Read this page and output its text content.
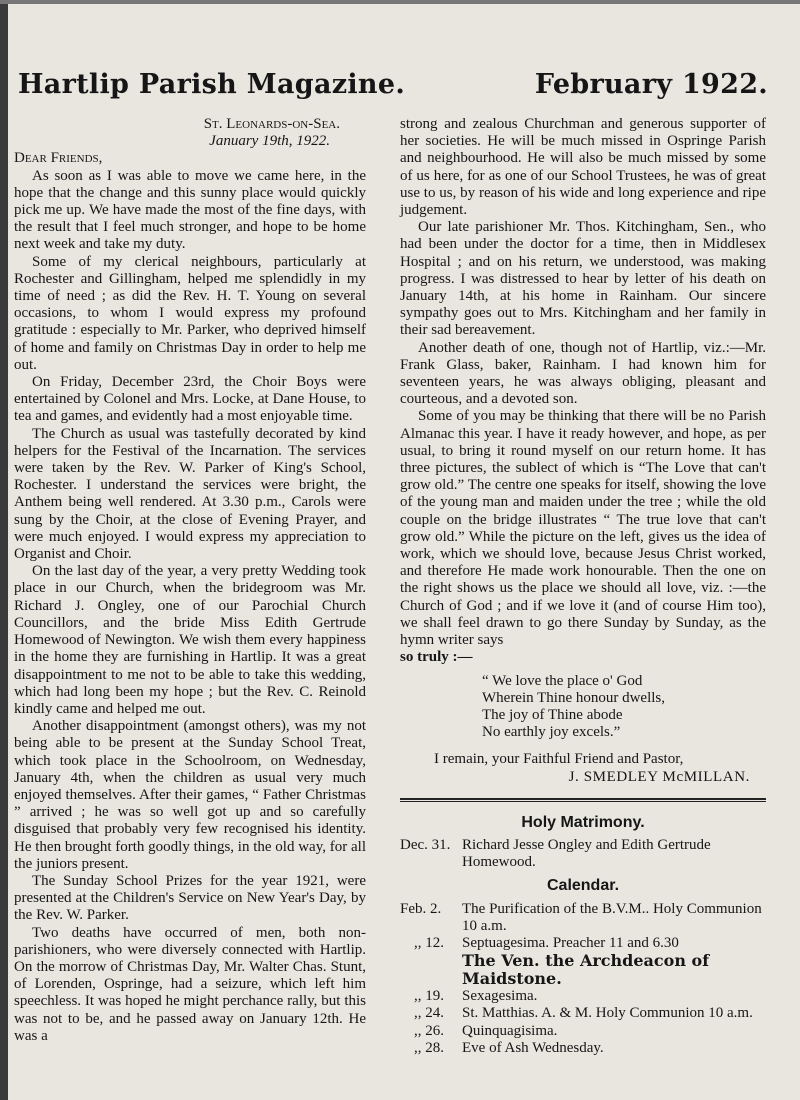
Hartlip Parish Magazine.	February 1922.
St. Leonards-on-Sea.
January 19th, 1922.

Dear Friends,

As soon as I was able to move we came here, in the hope that the change and this sunny place would quickly pick me up. We have made the most of the fine days, with the result that I feel much stronger, and hope to be home next week and take my duty.

Some of my clerical neighbours, particularly at Rochester and Gillingham, helped me splendidly in my time of need ; as did the Rev. H. T. Young on several occasions, to whom I would express my profound gratitude : especially to Mr. Parker, who deprived himself of home and family on Christmas Day in order to help me out.

On Friday, December 23rd, the Choir Boys were entertained by Colonel and Mrs. Locke, at Dane House, to tea and games, and evidently had a most enjoyable time.

The Church as usual was tastefully decorated by kind helpers for the Festival of the Incarnation. The services were taken by the Rev. W. Parker of King's School, Rochester. I understand the services were bright, the Anthem being well rendered. At 3.30 p.m., Carols were sung by the Choir, at the close of Evening Prayer, and were much enjoyed. I would express my appreciation to Organist and Choir.

On the last day of the year, a very pretty Wedding took place in our Church, when the bridegroom was Mr. Richard J. Ongley, one of our Parochial Church Councillors, and the bride Miss Edith Gertrude Homewood of Newington. We wish them every happiness in the home they are furnishing in Hartlip. It was a great disappointment to me not to be able to take this wedding, which had long been my hope ; but the Rev. C. Reinold kindly came and helped me out.

Another disappointment (amongst others), was my not being able to be present at the Sunday School Treat, which took place in the Schoolroom, on Wednesday, January 4th, when the children as usual very much enjoyed themselves. After their games, “ Father Christmas ” arrived ; he was so well got up and so carefully disguised that probably very few recognised his identity. He then brought forth goodly things, in the old way, for all the juniors present.

The Sunday School Prizes for the year 1921, were presented at the Children's Service on New Year's Day, by the Rev. W. Parker.

Two deaths have occurred of men, both non-parishioners, who were diversely connected with Hartlip. On the morrow of Christmas Day, Mr. Walter Chas. Stunt, of Lorenden, Ospringe, had a seizure, which left him speechless. It was hoped he might perchance rally, but this was not to be, and he passed away on January 12th. He was a

strong and zealous Churchman and generous supporter of her societies. He will be much missed in Ospringe Parish and neighbourhood. He will also be much missed by some of us here, for as one of our School Trustees, he was of great use to us, by reason of his wide and long experience and ripe judgement.

Our late parishioner Mr. Thos. Kitchingham, Sen., who had been under the doctor for a time, then in Middlesex Hospital ; and on his return, we understood, was making progress. I was distressed to hear by letter of his death on January 14th, at his home in Rainham. Our sincere sympathy goes out to Mrs. Kitchingham and her family in their sad bereavement.

Another death of one, though not of Hartlip, viz.:—Mr. Frank Glass, baker, Rainham. I had known him for seventeen years, he was always obliging, pleasant and courteous, and a devoted son.

Some of you may be thinking that there will be no Parish Almanac this year. I have it ready however, and hope, as per usual, to bring it round myself on our return home. It has three pictures, the sublect of which is “The Love that can't grow old.” The centre one speaks for itself, showing the love of the young man and maiden under the tree ; while the old couple on the bridge illustrates “ The true love that can't grow old.” While the picture on the left, gives us the idea of work, which we should love, because Jesus Christ worked, and therefore He made work honourable. Then the one on the right shows us the place we should all love, viz. :—the Church of God ; and if we love it (and of course Him too), we shall feel drawn to go there Sunday by Sunday, as the hymn writer says

so truly :—

“ We love the place o' God
Wherein Thine honour dwells,
The joy of Thine abode
No earthly joy excels.”
I remain, your Faithful Friend and Pastor,
J. SMEDLEY McMILLAN.
Holy Matrimony.
Dec. 31. Richard Jesse Ongley and Edith Gertrude Homewood.
Calendar.
Feb. 2.	The Purification of the B.V.M.. Holy Communion 10 a.m.
,, 12.	Septuagesima. Preacher 11 and 6.30
The Ven. the Archdeacon of Maidstone.
,, 19.	Sexagesima.
,, 24.	St. Matthias. A. & M. Holy Communion 10 a.m.
,, 26.	Quinquagisima.
,, 28.	Eve of Ash Wednesday.
